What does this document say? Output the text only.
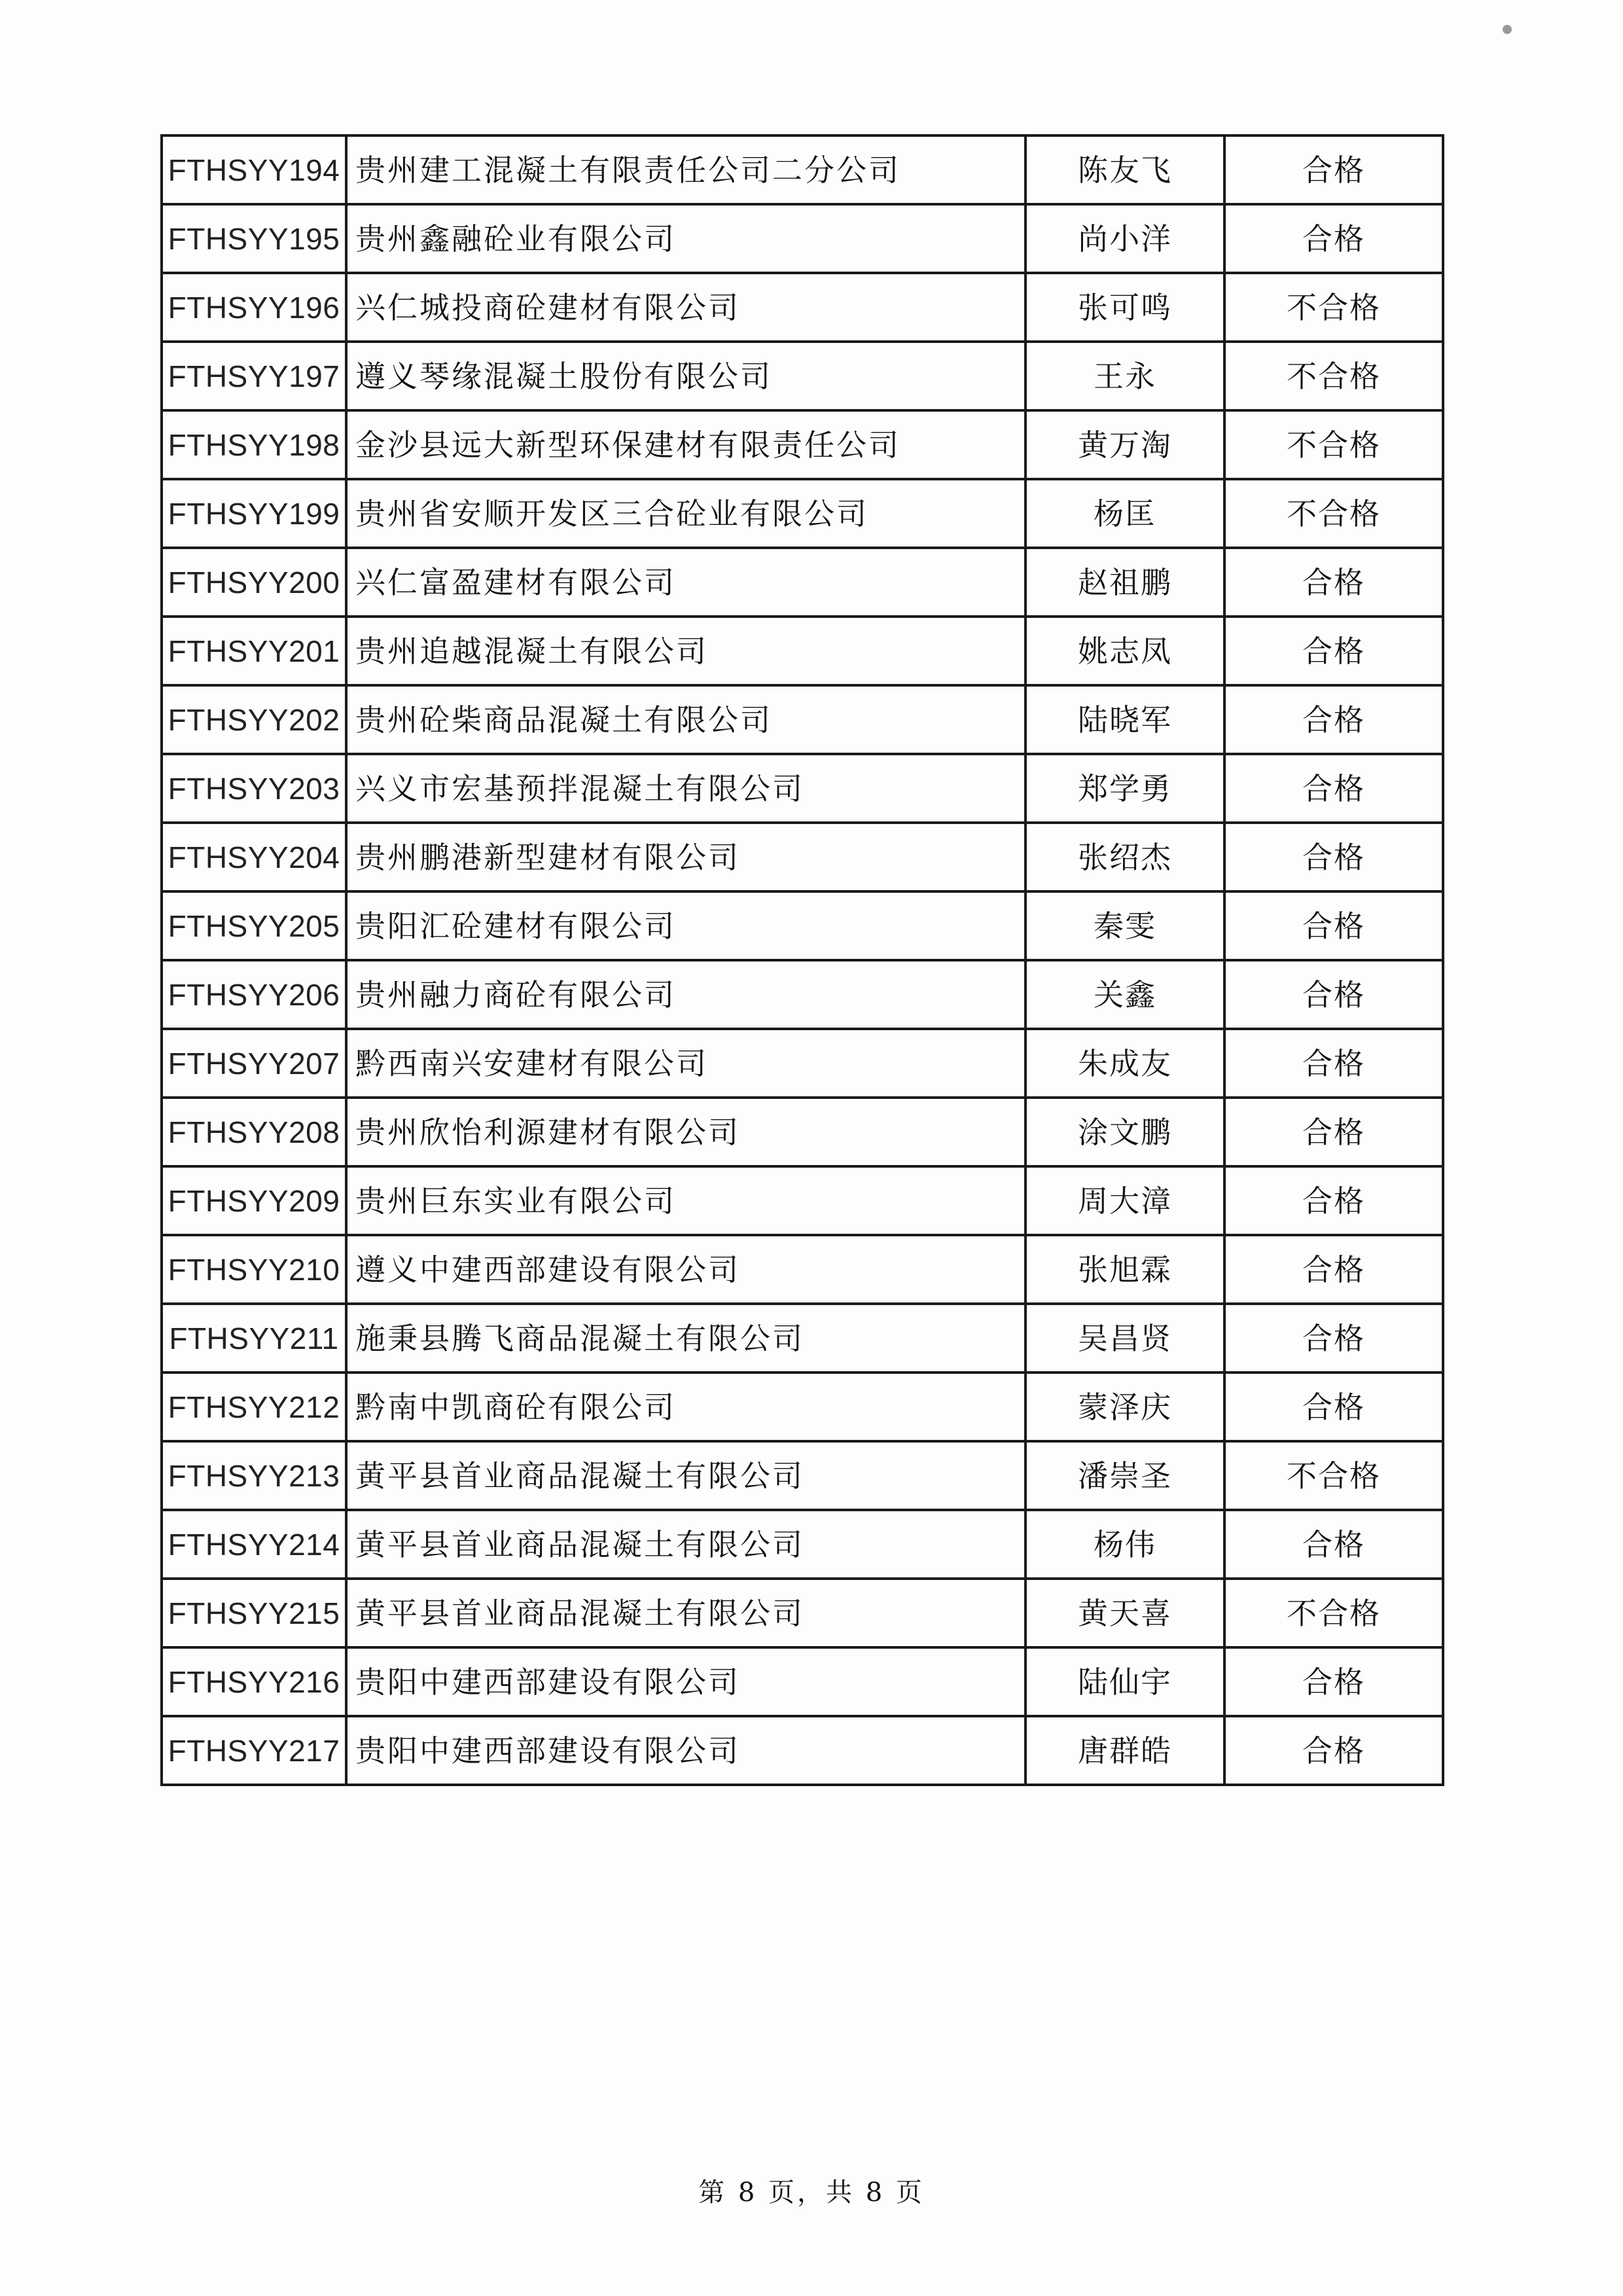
FTHSYY194	贵州建工混凝土有限责任公司二分公司	陈友飞	合格
FTHSYY195	贵州鑫融砼业有限公司	尚小洋	合格
FTHSYY196	兴仁城投商砼建材有限公司	张可鸣	不合格
FTHSYY197	遵义琴缘混凝土股份有限公司	王永	不合格
FTHSYY198	金沙县远大新型环保建材有限责任公司	黄万淘	不合格
FTHSYY199	贵州省安顺开发区三合砼业有限公司	杨匡	不合格
FTHSYY200	兴仁富盈建材有限公司	赵祖鹏	合格
FTHSYY201	贵州追越混凝土有限公司	姚志凤	合格
FTHSYY202	贵州砼柴商品混凝土有限公司	陆晓军	合格
FTHSYY203	兴义市宏基预拌混凝土有限公司	郑学勇	合格
FTHSYY204	贵州鹏港新型建材有限公司	张绍杰	合格
FTHSYY205	贵阳汇砼建材有限公司	秦雯	合格
FTHSYY206	贵州融力商砼有限公司	关鑫	合格
FTHSYY207	黔西南兴安建材有限公司	朱成友	合格
FTHSYY208	贵州欣怡利源建材有限公司	涂文鹏	合格
FTHSYY209	贵州巨东实业有限公司	周大漳	合格
FTHSYY210	遵义中建西部建设有限公司	张旭霖	合格
FTHSYY211	施秉县腾飞商品混凝土有限公司	吴昌贤	合格
FTHSYY212	黔南中凯商砼有限公司	蒙泽庆	合格
FTHSYY213	黄平县首业商品混凝土有限公司	潘崇圣	不合格
FTHSYY214	黄平县首业商品混凝土有限公司	杨伟	合格
FTHSYY215	黄平县首业商品混凝土有限公司	黄天喜	不合格
FTHSYY216	贵阳中建西部建设有限公司	陆仙宇	合格
FTHSYY217	贵阳中建西部建设有限公司	唐群皓	合格
第 8 页，共 8 页
